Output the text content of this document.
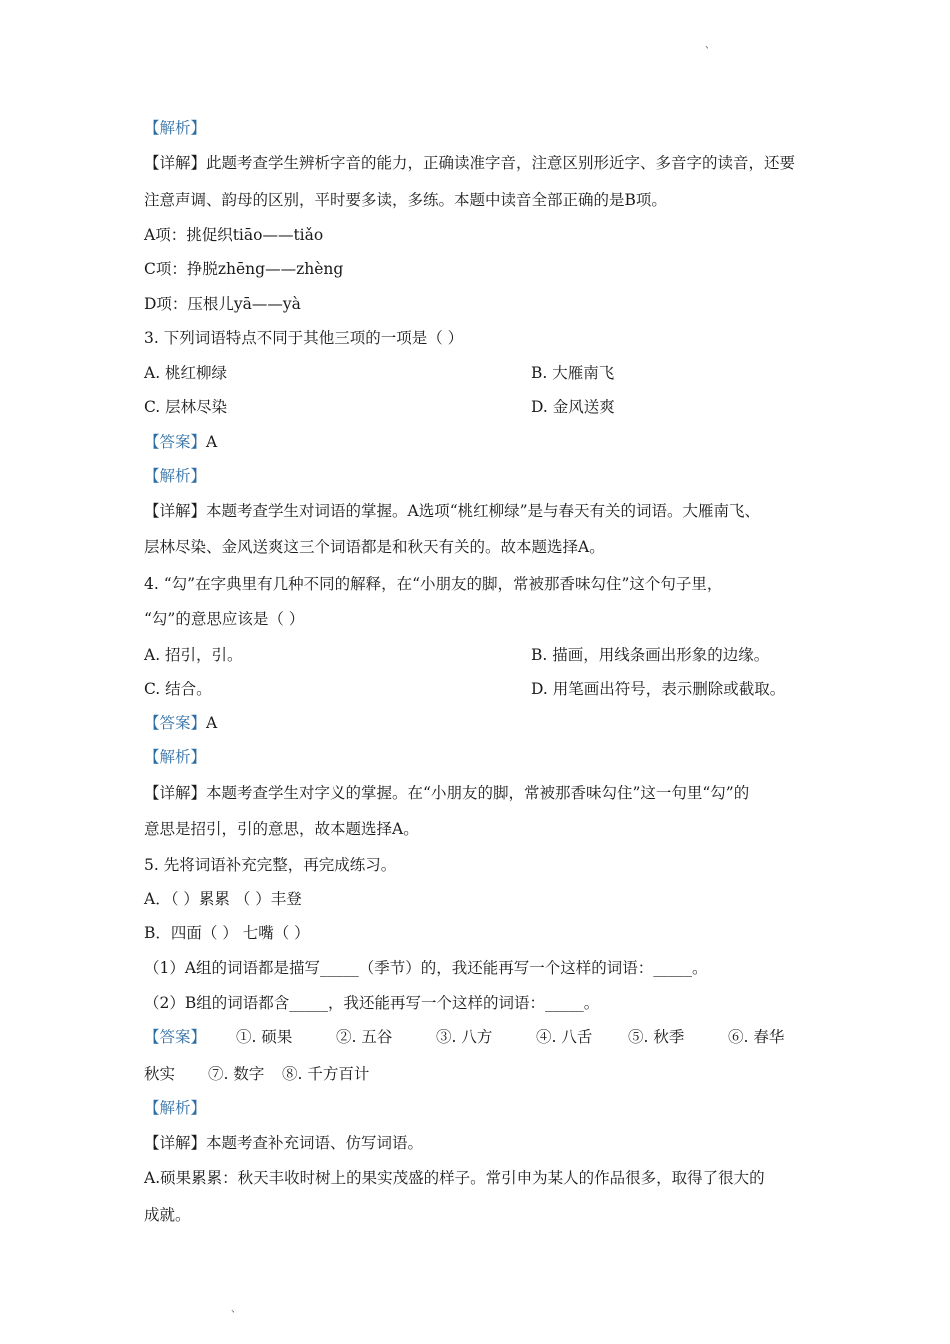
、
【解析】
【详解】此题考查学生辨析字音的能力，正确读准字音，注意区别形近字、多音字的读音，还要
注意声调、韵母的区别，平时要多读，多练。本题中读音全部正确的是B项。
A项：挑促织tiāo——tiǎo
C项：挣脱zhēng——zhèng
D项：压根儿yā——yà
3. 下列词语特点不同于其他三项的一项是（ ）
A. 桃红柳绿	B. 大雁南飞
C. 层林尽染	D. 金风送爽
【答案】A
【解析】
【详解】本题考查学生对词语的掌握。A选项“桃红柳绿”是与春天有关的词语。大雁南飞、
层林尽染、金风送爽这三个词语都是和秋天有关的。故本题选择A。
4. “勾”在字典里有几种不同的解释，在“小朋友的脚，常被那香味勾住”这个句子里，
“勾”的意思应该是（ ）
A. 招引，引。	B. 描画，用线条画出形象的边缘。
C. 结合。	D. 用笔画出符号，表示删除或截取。
【答案】A
【解析】
【详解】本题考查学生对字义的掌握。在“小朋友的脚，常被那香味勾住”这一句里“勾”的
意思是招引，引的意思，故本题选择A。
5. 先将词语补充完整，再完成练习。
A．（ ）累累 （ ）丰登
B．四面（ ） 七嘴（ ）
（1）A组的词语都是描写_____（季节）的，我还能再写一个这样的词语：_____。
（2）B组的词语都含_____，我还能再写一个这样的词语：_____。
【答案】 ①. 硕果	②. 五谷	③. 八方	④. 八舌 ⑤. 秋季	⑥. 春华
秋实 ⑦. 数字 ⑧. 千方百计
【解析】
【详解】本题考查补充词语、仿写词语。
A.硕果累累：秋天丰收时树上的果实茂盛的样子。常引申为某人的作品很多，取得了很大的
成就。
、
